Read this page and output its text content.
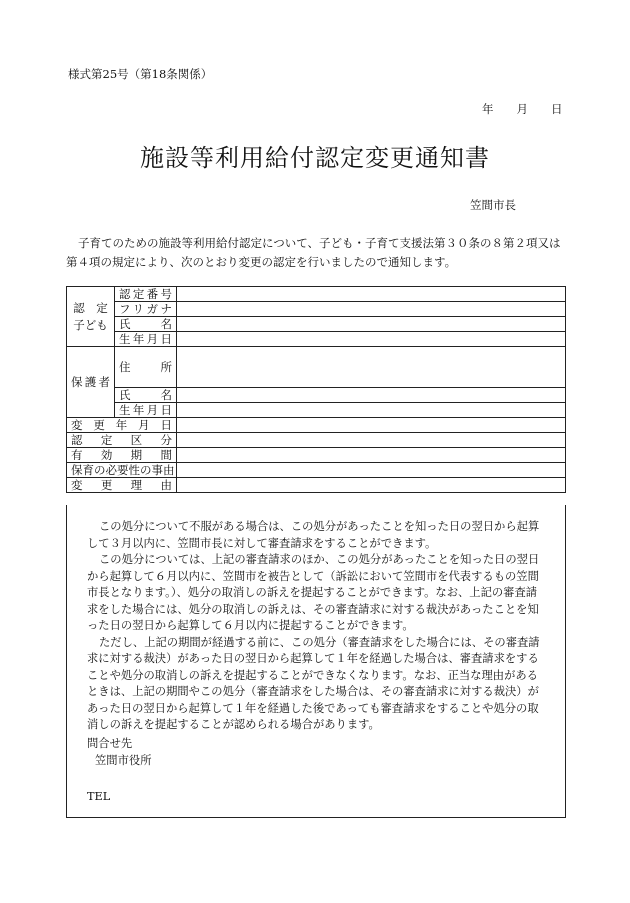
様式第25号（第18条関係）
年   月   日
施設等利用給付認定変更通知書
笠間市長
子育てのための施設等利用給付認定について、子ども・子育て支援法第３０条の８第２項又は第４項の規定により、次のとおり変更の認定を行いましたので通知します。
認　定
子ども	認定番号	
	フリガナ	
	氏　名	
	生年月日	
保護者	住　所	
	氏　名	
	生年月日	
変更年月日		
認定区分		
有効期間		
保育の必要性の事由		
変更理由		

この処分について不服がある場合は、この処分があったことを知った日の翌日から起算して３月以内に、笠間市長に対して審査請求をすることができます。

この処分については、上記の審査請求のほか、この処分があったことを知った日の翌日から起算して６月以内に、笠間市を被告として（訴訟において笠間市を代表するもの笠間市長となります。）、処分の取消しの訴えを提起することができます。なお、上記の審査請求をした場合には、処分の取消しの訴えは、その審査請求に対する裁決があったことを知った日の翌日から起算して６月以内に提起することができます。

ただし、上記の期間が経過する前に、この処分（審査請求をした場合には、その審査請求に対する裁決）があった日の翌日から起算して１年を経過した場合は、審査請求をすることや処分の取消しの訴えを提起することができなくなります。なお、正当な理由があるときは、上記の期間やこの処分（審査請求をした場合は、その審査請求に対する裁決）があった日の翌日から起算して１年を経過した後であっても審査請求をすることや処分の取消しの訴えを提起することが認められる場合があります。

問合せ先
笠間市役所
TEL
